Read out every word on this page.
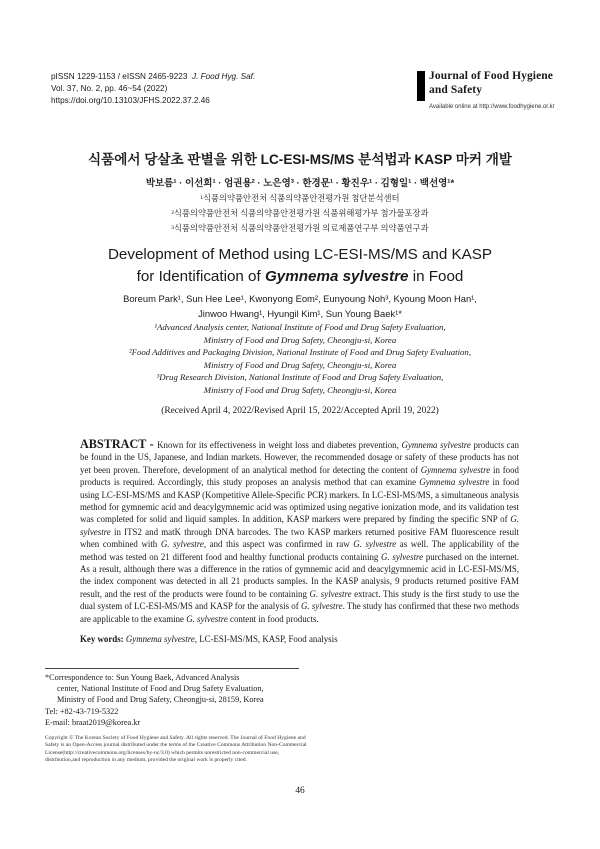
pISSN 1229-1153 / eISSN 2465-9223 J. Food Hyg. Saf.
Vol. 37, No. 2, pp. 46~54 (2022)
https://doi.org/10.13103/JFHS.2022.37.2.46
Journal of Food Hygiene
and Safety
Available online at http://www.foodhygiene.or.kr
식품에서 당살초 판별을 위한 LC-ESI-MS/MS 분석법과 KASP 마커 개발
박보름¹ · 이선희¹ · 엄권용² · 노은영³ · 한경문¹ · 황진우¹ · 김형일¹ · 백선영¹*
¹식품의약품안전처 식품의약품안전평가원 첨단분석센터
²식품의약품안전처 식품의약품안전평가원 식품위해평가부 첨가물포장과
³식품의약품안전처 식품의약품안전평가원 의료제품연구부 의약품연구과
Development of Method using LC-ESI-MS/MS and KASP
for Identification of Gymnema sylvestre in Food
Boreum Park¹, Sun Hee Lee¹, Kwonyong Eom², Eunyoung Noh³, Kyoung Moon Han¹,
Jinwoo Hwang¹, Hyungil Kim¹, Sun Young Baek¹*
¹Advanced Analysis center, National Institute of Food and Drug Safety Evaluation,
Ministry of Food and Drug Safety, Cheongju-si, Korea
²Food Additives and Packaging Division, National Institute of Food and Drug Safety Evaluation,
Ministry of Food and Drug Safety, Cheongju-si, Korea
³Drug Research Division, National Institute of Food and Drug Safety Evaluation,
Ministry of Food and Drug Safety, Cheongju-si, Korea
(Received April 4, 2022/Revised April 15, 2022/Accepted April 19, 2022)
ABSTRACT - Known for its effectiveness in weight loss and diabetes prevention, Gymnema sylvestre products can be found in the US, Japanese, and Indian markets. However, the recommended dosage or safety of these products has not yet been proven. Therefore, development of an analytical method for detecting the content of Gymnema sylvestre in food products is required. Accordingly, this study proposes an analysis method that can examine Gymnema sylvestre in food using LC-ESI-MS/MS and KASP (Kompetitive Allele-Specific PCR) markers. In LC-ESI-MS/MS, a simultaneous analysis method for gymnemic acid and deacylgymnemic acid was optimized using negative ionization mode, and its validation test was completed for solid and liquid samples. In addition, KASP markers were prepared by finding the specific SNP of G. sylvestre in ITS2 and matK through DNA barcodes. The two KASP markers returned positive FAM fluorescence result when combined with G. sylvestre, and this aspect was confirmed in raw G. sylvestre as well. The applicability of the method was tested on 21 different food and healthy functional products containing G. sylvestre purchased on the internet. As a result, although there was a difference in the ratios of gymnemic acid and deacylgymnemic acid in LC-ESI-MS/MS, the index component was detected in all 21 products samples. In the KASP analysis, 9 products returned positive FAM result, and the rest of the products were found to be containing G. sylvestre extract. This study is the first study to use the dual system of LC-ESI-MS/MS and KASP for the analysis of G. sylvestre. The study has confirmed that these two methods are applicable to the examine G. sylvestre content in food products.
Key words: Gymnema sylvestre, LC-ESI-MS/MS, KASP, Food analysis
*Correspondence to: Sun Young Baek, Advanced Analysis
center, National Institute of Food and Drug Safety Evaluation,
Ministry of Food and Drug Safety, Cheongju-si, 28159, Korea
Tel: +82-43-719-5322
E-mail: braat2019@korea.kr
Copyright © The Korean Society of Food Hygiene and Safety. All rights reserved. The Journal of Food Hygiene and Safety is an Open-Access journal distributed under the terms of the Creative Commons Attribution Non-Commercial License(http://creativecommons.org/licenses/by-nc/3.0) which permits unrestricted non-commercial use, distribution,and reproduction in any medium, provided the original work is properly cited.
46
